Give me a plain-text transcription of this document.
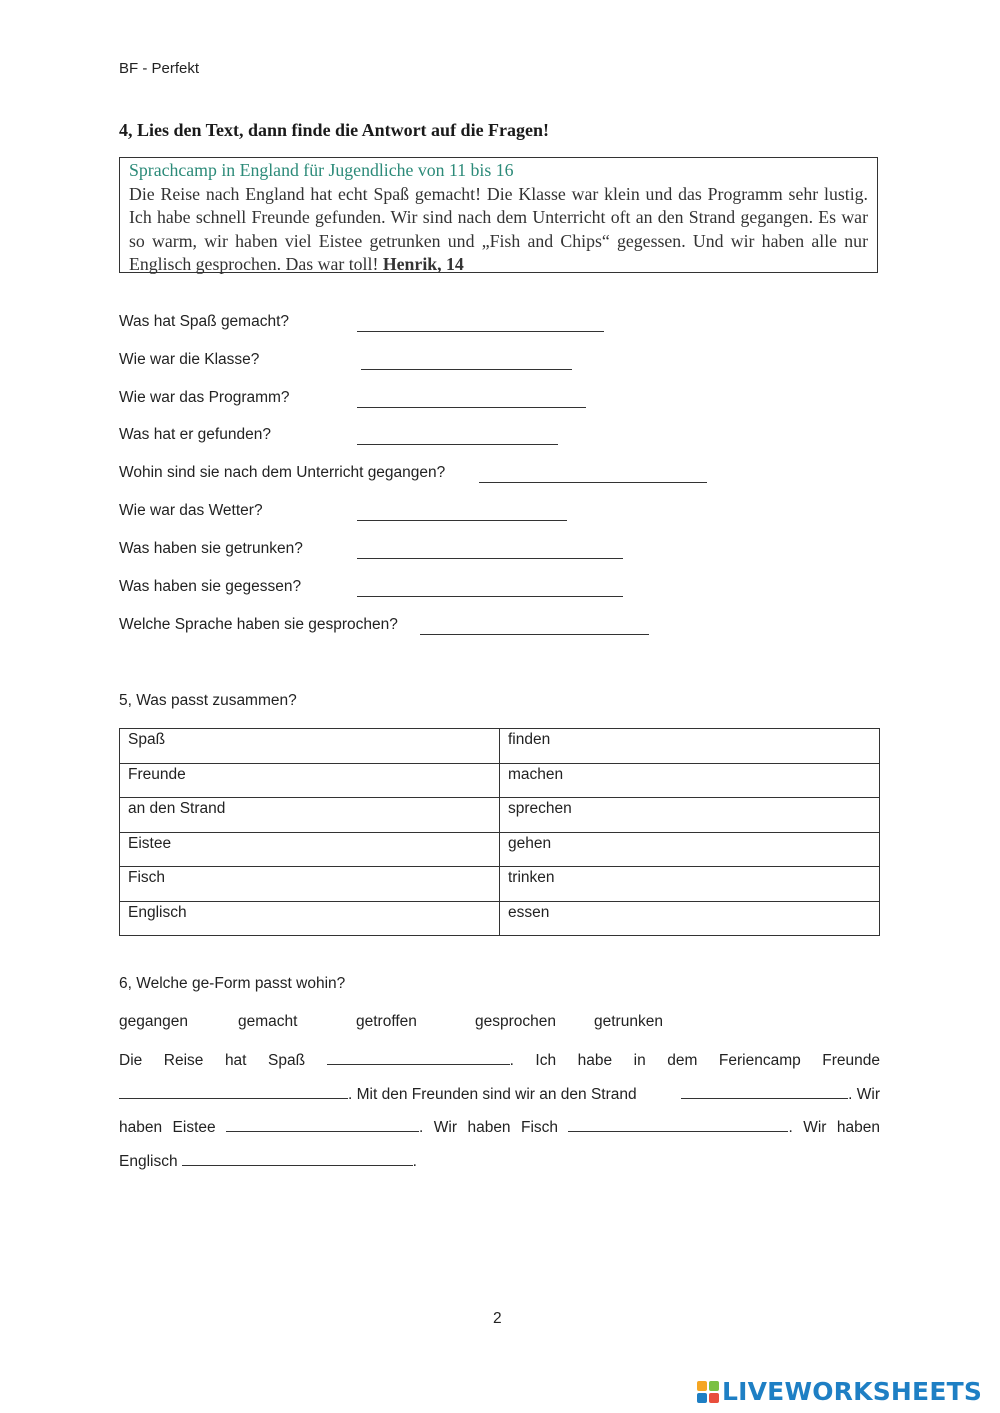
BF - Perfekt
4, Lies den Text, dann finde die Antwort auf die Fragen!
Sprachcamp in England für Jugendliche von 11 bis 16
Die Reise nach England hat echt Spaß gemacht! Die Klasse war klein und das Programm sehr lustig. Ich habe schnell Freunde gefunden. Wir sind nach dem Unterricht oft an den Strand gegangen. Es war so warm, wir haben viel Eistee getrunken und „Fish and Chips“ gegessen. Und wir haben alle nur Englisch gesprochen. Das war toll! Henrik, 14
Was hat Spaß gemacht?
Wie war die Klasse?
Wie war das Programm?
Was hat er gefunden?
Wohin sind sie nach dem Unterricht gegangen?
Wie war das Wetter?
Was haben sie getrunken?
Was haben sie gegessen?
Welche Sprache haben sie gesprochen?
5, Was passt zusammen?
Spaß	finden
Freunde	machen
an den Strand	sprechen
Eistee	gehen
Fisch	trinken
Englisch	essen
6, Welche ge-Form passt wohin?
gegangen	gemacht	getroffen	gesprochen getrunken
Die Reise hat Spaß	. Ich habe in dem Feriencamp Freunde
. Mit den Freunden sind wir an den Strand	. Wir
haben Eistee	. Wir haben Fisch	. Wir haben
Englisch	.
2
LIVEWORKSHEETS
